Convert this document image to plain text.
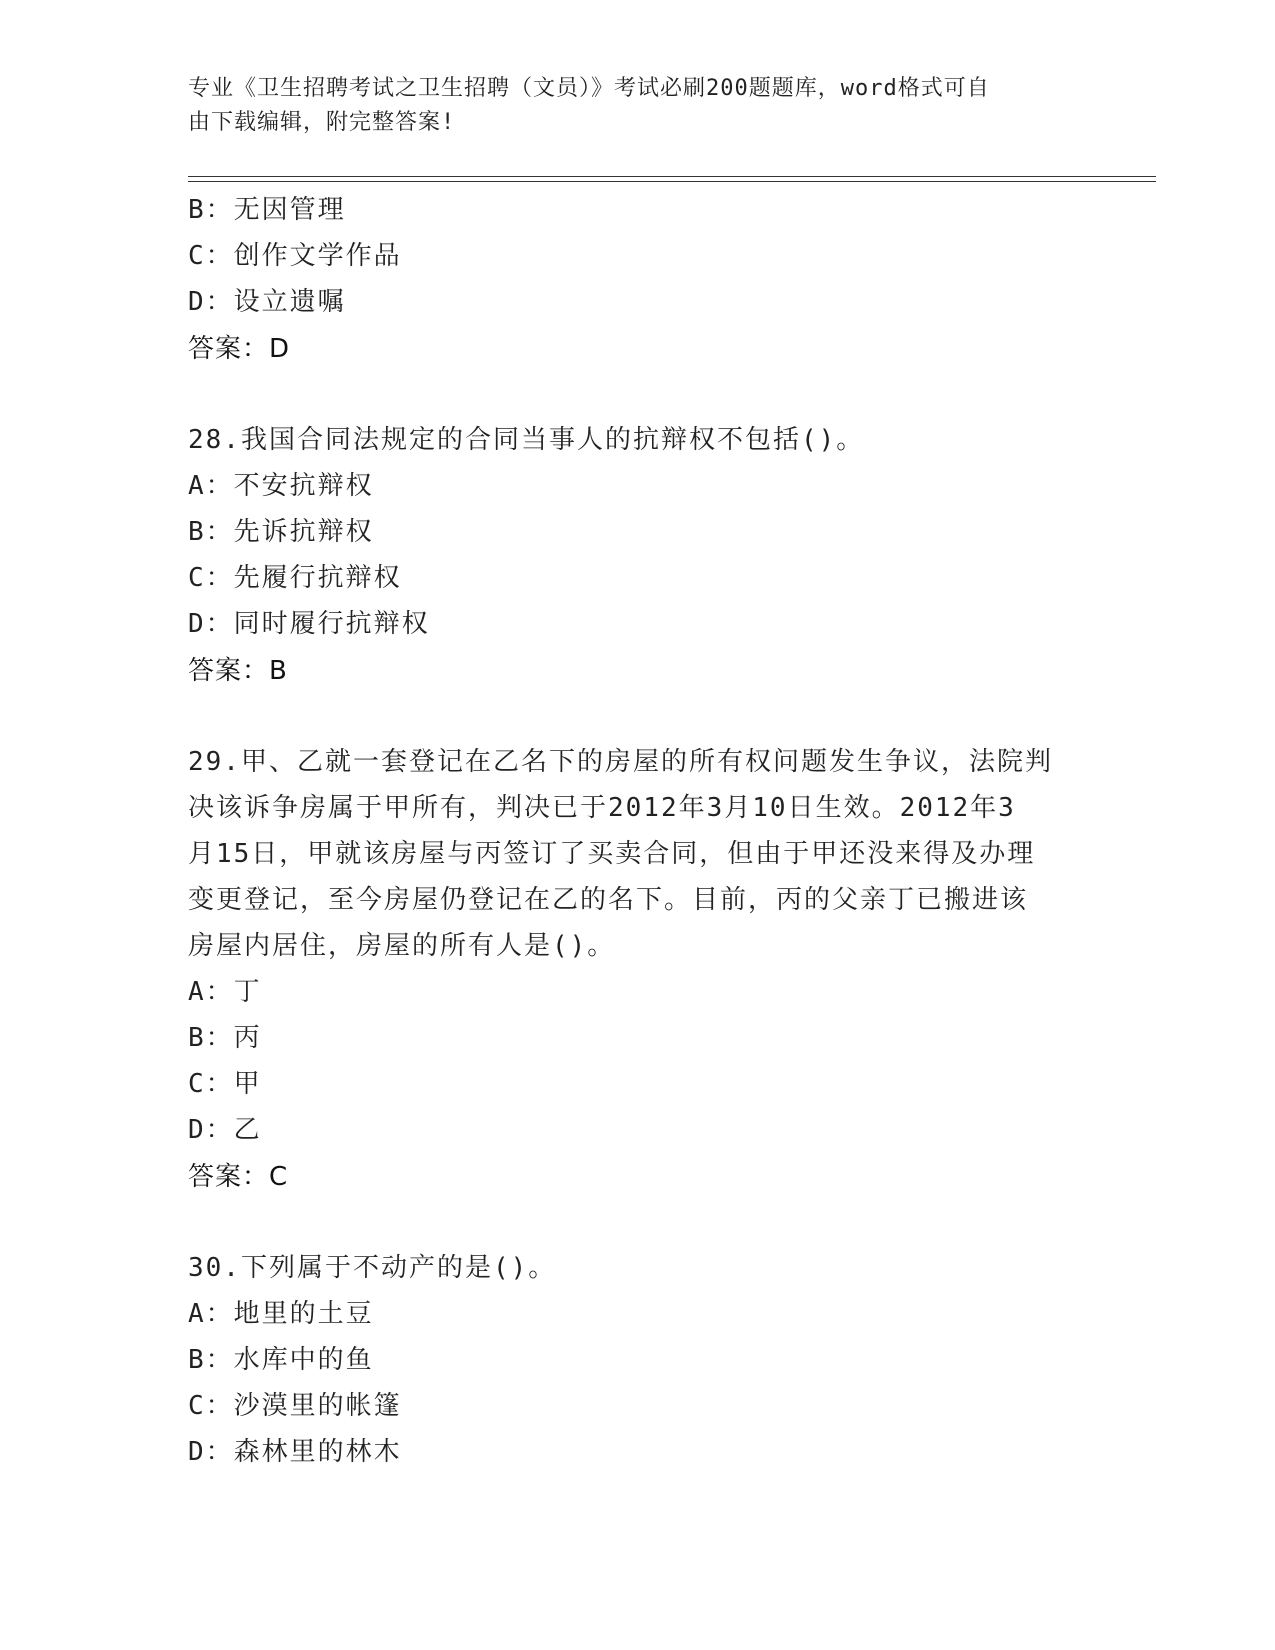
专业《卫生招聘考试之卫生招聘（文员）》考试必刷200题题库，word格式可自
由下载编辑，附完整答案!
B：无因管理
C：创作文学作品
D：设立遗嘱
答案：D
28.我国合同法规定的合同当事人的抗辩权不包括()。
A：不安抗辩权
B：先诉抗辩权
C：先履行抗辩权
D：同时履行抗辩权
答案：B
29.甲、乙就一套登记在乙名下的房屋的所有权问题发生争议，法院判
决该诉争房属于甲所有，判决已于2012年3月10日生效。2012年3
月15日，甲就该房屋与丙签订了买卖合同，但由于甲还没来得及办理
变更登记，至今房屋仍登记在乙的名下。目前，丙的父亲丁已搬进该
房屋内居住，房屋的所有人是()。
A：丁
B：丙
C：甲
D：乙
答案：C
30.下列属于不动产的是()。
A：地里的土豆
B：水库中的鱼
C：沙漠里的帐篷
D：森林里的林木
